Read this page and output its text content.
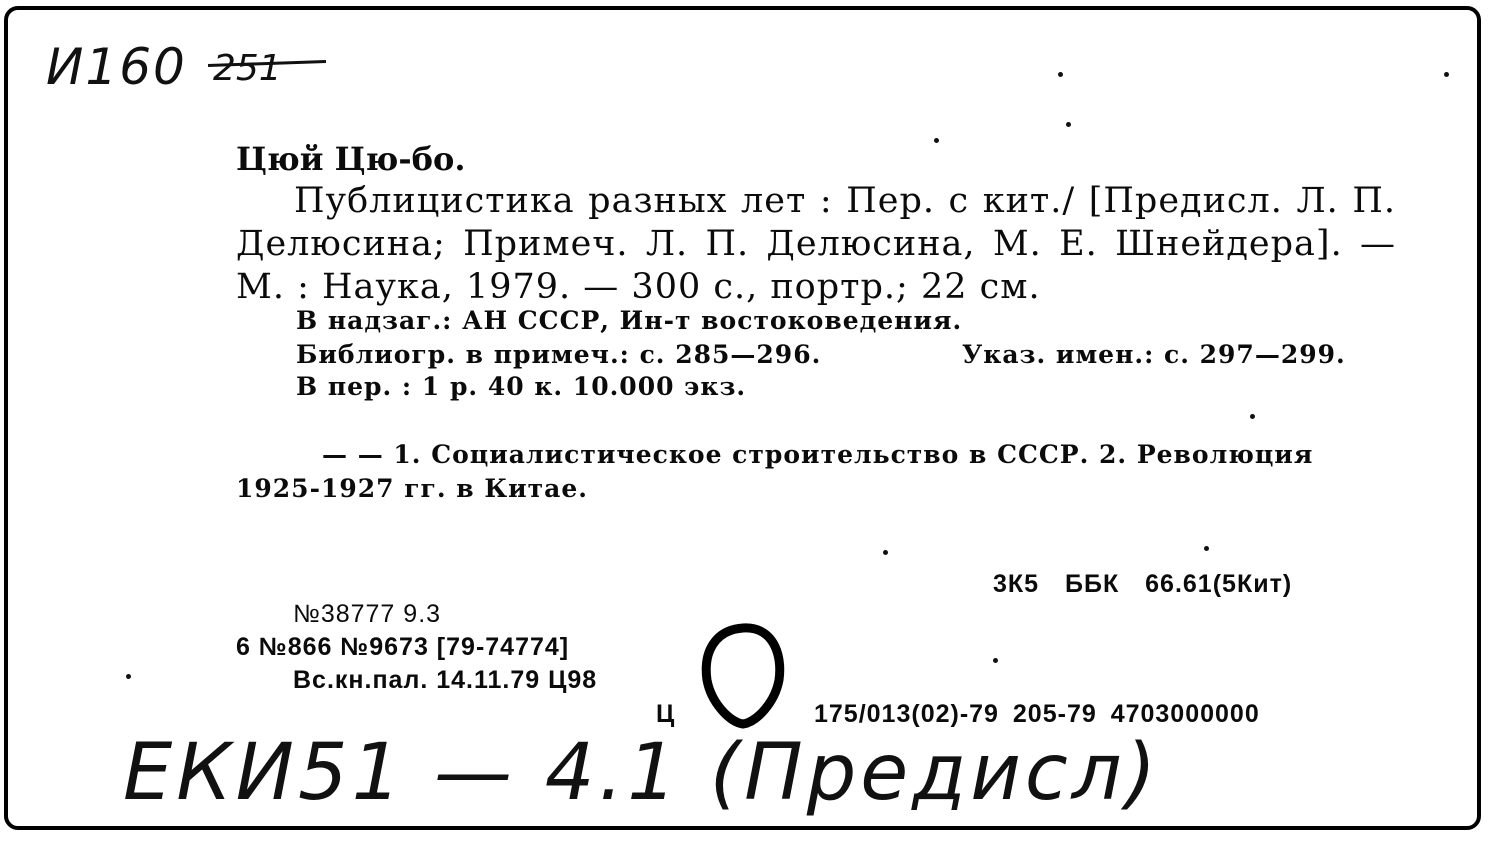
И160 251
Цюй Цю-бо.
Публицистика разных лет : Пер. с кит./ [Предисл. Л. П. Делюсина; Примеч. Л. П. Делюсина, М. Е. Шнейдера]. — М. : Наука, 1979. — 300 с., портр.; 22 см.
В надзаг.: АН СССР, Ин-т востоковедения.
Библиогр. в примеч.: с. 285—296.	Указ. имен.: с. 297—299.
В пер. : 1 р. 40 к. 10.000 экз.
— — 1. Социалистическое строительство в СССР. 2. Революция 1925-1927 гг. в Китае.
3К5 ББК 66.61(5Кит)
№38777 9.3
6 №866 №9673 [79-74774]
Вс.кн.пал. 14.11.79 Ц98
Ц	175/013(02)-79 205-79 4703000000
ЕКИ51 — 4.1 (Предисл)
